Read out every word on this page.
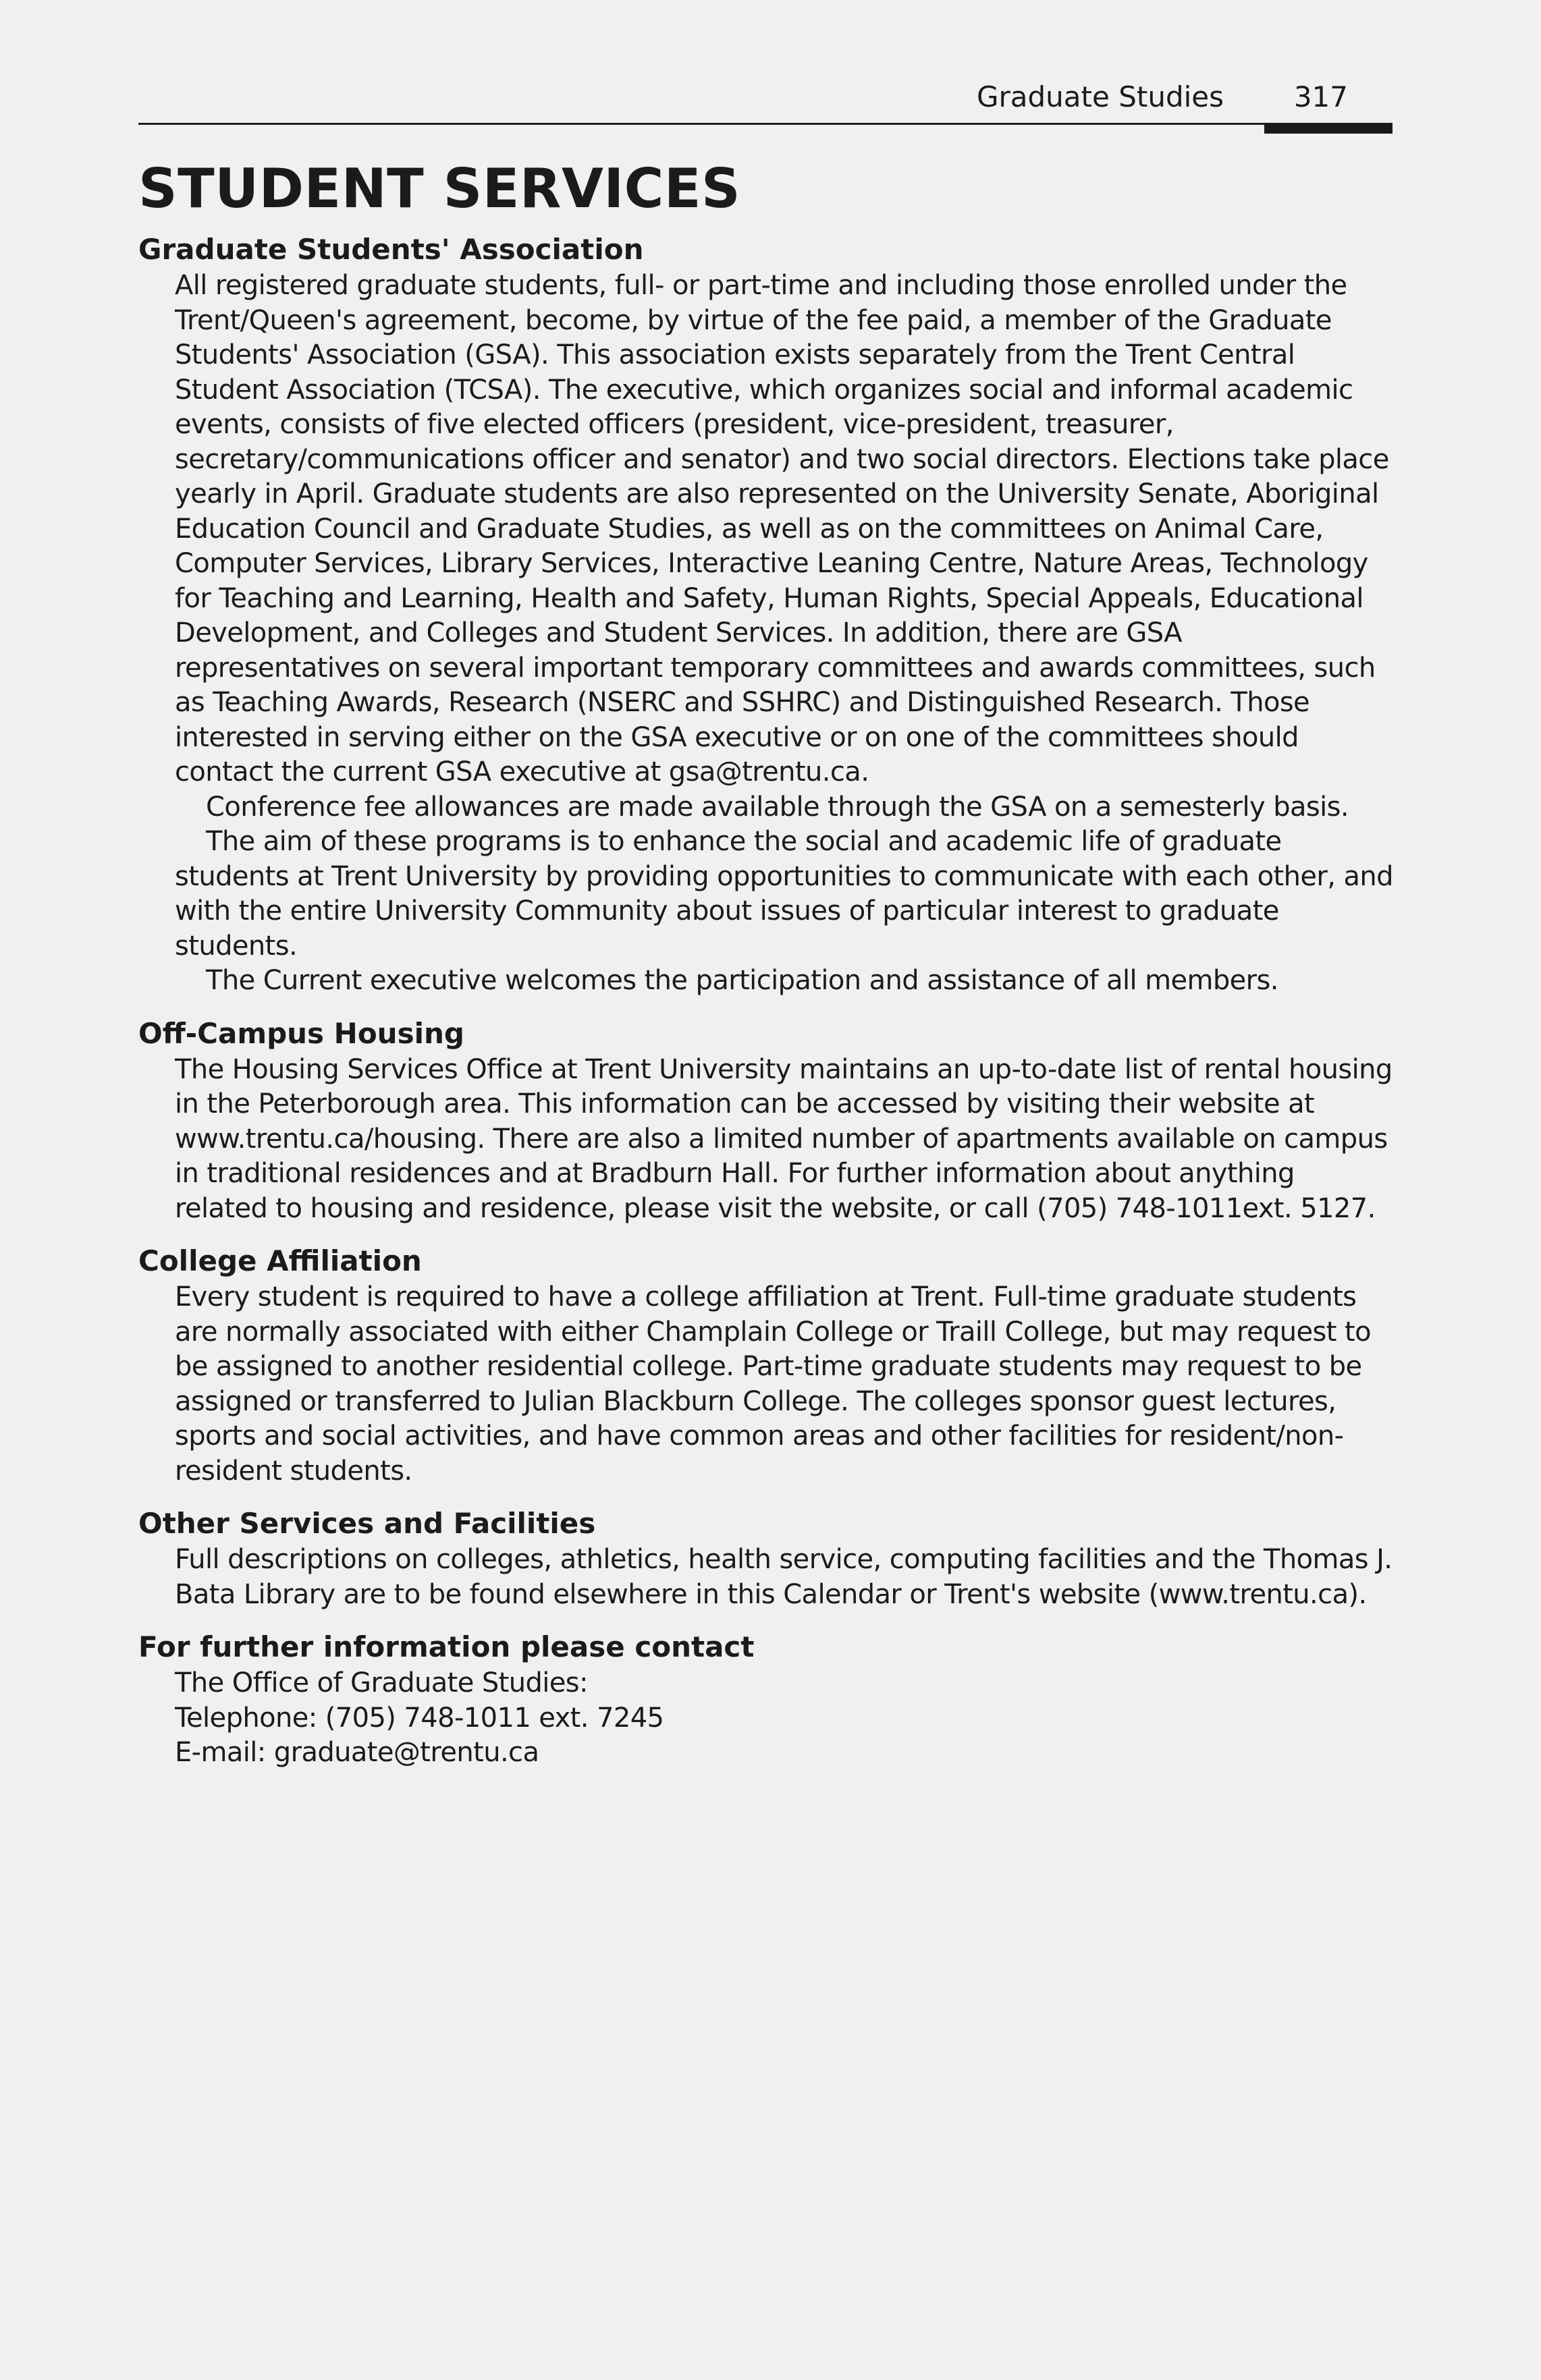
Graduate Studies 317
STUDENT SERVICES
Graduate Students' Association

All registered graduate students, full- or part-time and including those enrolled under the Trent/Queen's agreement, become, by virtue of the fee paid, a member of the Graduate Students' Association (GSA). This association exists separately from the Trent Central Student Association (TCSA). The executive, which organizes social and informal academic events, consists of five elected officers (president, vice-president, treasurer, secretary/communications officer and senator) and two social directors. Elections take place yearly in April. Graduate students are also represented on the University Senate, Aboriginal Education Council and Graduate Studies, as well as on the committees on Animal Care, Computer Services, Library Services, Interactive Leaning Centre, Nature Areas, Technology for Teaching and Learning, Health and Safety, Human Rights, Special Appeals, Educational Development, and Colleges and Student Services. In addition, there are GSA representatives on several important temporary committees and awards committees, such as Teaching Awards, Research (NSERC and SSHRC) and Distinguished Research. Those interested in serving either on the GSA executive or on one of the committees should contact the current GSA executive at gsa@trentu.ca.

Conference fee allowances are made available through the GSA on a semesterly basis.

The aim of these programs is to enhance the social and academic life of graduate students at Trent University by providing opportunities to communicate with each other, and with the entire University Community about issues of particular interest to graduate students.

The Current executive welcomes the participation and assistance of all members.

Off-Campus Housing

The Housing Services Office at Trent University maintains an up-to-date list of rental housing in the Peterborough area. This information can be accessed by visiting their website at www.trentu.ca/housing. There are also a limited number of apartments available on campus in traditional residences and at Bradburn Hall. For further information about anything related to housing and residence, please visit the website, or call (705) 748-1011ext. 5127.

College Affiliation

Every student is required to have a college affiliation at Trent. Full-time graduate students are normally associated with either Champlain College or Traill College, but may request to be assigned to another residential college. Part-time graduate students may request to be assigned or transferred to Julian Blackburn College. The colleges sponsor guest lectures, sports and social activities, and have common areas and other facilities for resident/non-resident students.

Other Services and Facilities

Full descriptions on colleges, athletics, health service, computing facilities and the Thomas J. Bata Library are to be found elsewhere in this Calendar or Trent's website (www.trentu.ca).

For further information please contact

The Office of Graduate Studies:

Telephone: (705) 748-1011 ext. 7245

E-mail: graduate@trentu.ca
